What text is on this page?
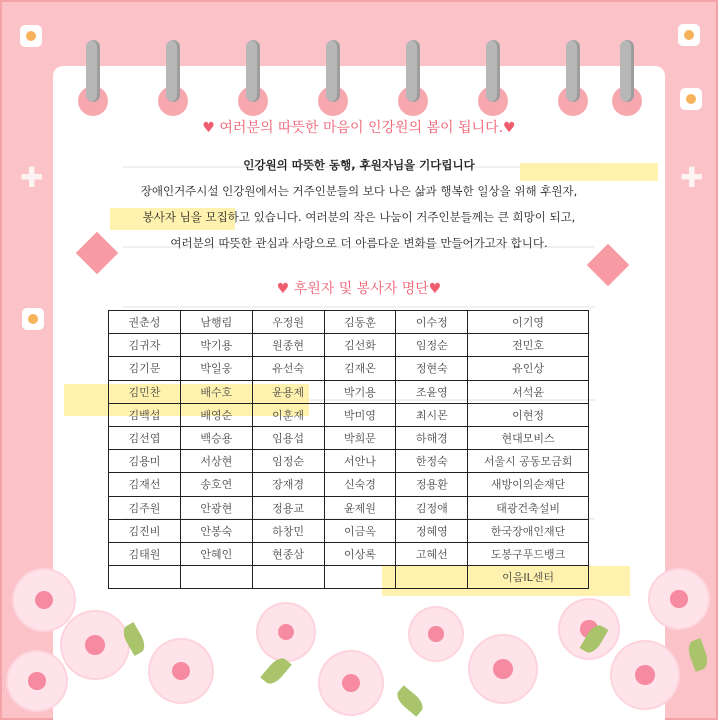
✚	✚
♥ 여러분의 따뜻한 마음이 인강원의 봄이 됩니다.♥
인강원의 따뜻한 동행, 후원자님을 기다립니다
장애인거주시설 인강원에서는 거주인분들의 보다 나은 삶과 행복한 일상을 위해 후원자,
봉사자 님을 모집하고 있습니다. 여러분의 작은 나눔이 거주인분들께는 큰 희망이 되고,
여러분의 따뜻한 관심과 사랑으로 더 아름다운 변화를 만들어가고자 합니다.
♥ 후원자 및 봉사자 명단♥
권춘성	남행림	우정원	김동훈	이수정	이기영
김귀자	박기용	원종현	김선화	임정순	전민호
김기문	박일웅	유선숙	김재온	정현숙	유인상
김민찬	배수호	윤용제	박기용	조윤영	서석윤
김백섭	배영순	이훈재	박미영	최시몬	이현정
김선엽	백승용	임용섭	박희문	하해경	현대모비스
김용미	서상현	임정순	서안나	한정숙	서울시 공동모금회
김재선	송호연	장재경	신숙경	정용환	새방이의순재단
김주원	안광현	정용교	윤제원	김정애	태광건축설비
김진비	안봉숙	하창민	이금옥	정혜영	한국장애인재단
김태원	안혜인	현종삼	이상록	고혜선	도봉구푸드뱅크
					이음IL센터
